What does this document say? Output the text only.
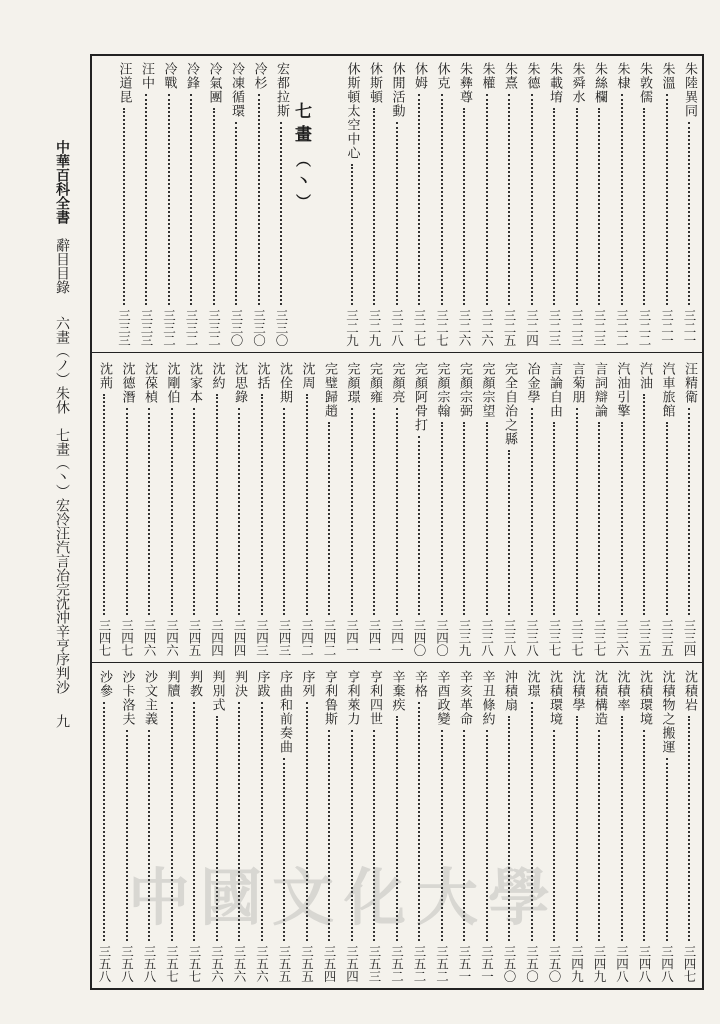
中華百科全書
辭目目錄
六畫（ノ）朱休　七畫（丶）宏冷汪汽言冶完沈沖辛亨序判沙
九
七畫
（丶）
朱陸異同
三二一
朱溫
三二一
朱敦儒
三二二
朱棣
三二二
朱絲欄
三二三
朱舜水
三二三
朱載堉
三二三
朱德
三二四
朱熹
三二五
朱權
三二六
朱彝尊
三二六
休克
三二七
休姆
三二七
休閒活動
三二八
休斯頓
三二九
休斯頓太空中心
三二九
宏都拉斯
三三〇
冷杉
三三〇
冷凍循環
三三〇
冷氣團
三三二
冷鋒
三三二
冷戰
三三二
汪中
三三三
汪道昆
三三三
汪精衛
三三四
汽車旅館
三三五
汽油
三三五
汽油引擎
三三六
言詞辯論
三三七
言菊朋
三三七
言論自由
三三七
冶金學
三三八
完全自治之縣
三三八
完顏宗望
三三八
完顏宗弼
三三九
完顏宗翰
三四〇
完顏阿骨打
三四〇
完顏亮
三四一
完顏雍
三四一
完顏璟
三四一
完璧歸趙
三四二
沈周
三四二
沈佺期
三四三
沈括
三四三
沈思錄
三四四
沈約
三四四
沈家本
三四五
沈剛伯
三四六
沈葆楨
三四六
沈德潛
三四七
沈荊
三四七
沈積岩
三四七
沈積物之搬運
三四八
沈積環境
三四八
沈積率
三四八
沈積構造
三四九
沈積學
三四九
沈積環境
三五〇
沈璟
三五〇
沖積扇
三五〇
辛丑條約
三五一
辛亥革命
三五一
辛酉政變
三五二
辛格
三五二
辛棄疾
三五二
亨利四世
三五三
亨利萊力
三五四
亨利鲁斯
三五四
序列
三五五
序曲和前奏曲
三五五
序跋
三五六
判決
三五六
判別式
三五六
判教
三五七
判牘
三五七
沙文主義
三五八
沙卡洛夫
三五八
沙參
三五八
中國文化大學
